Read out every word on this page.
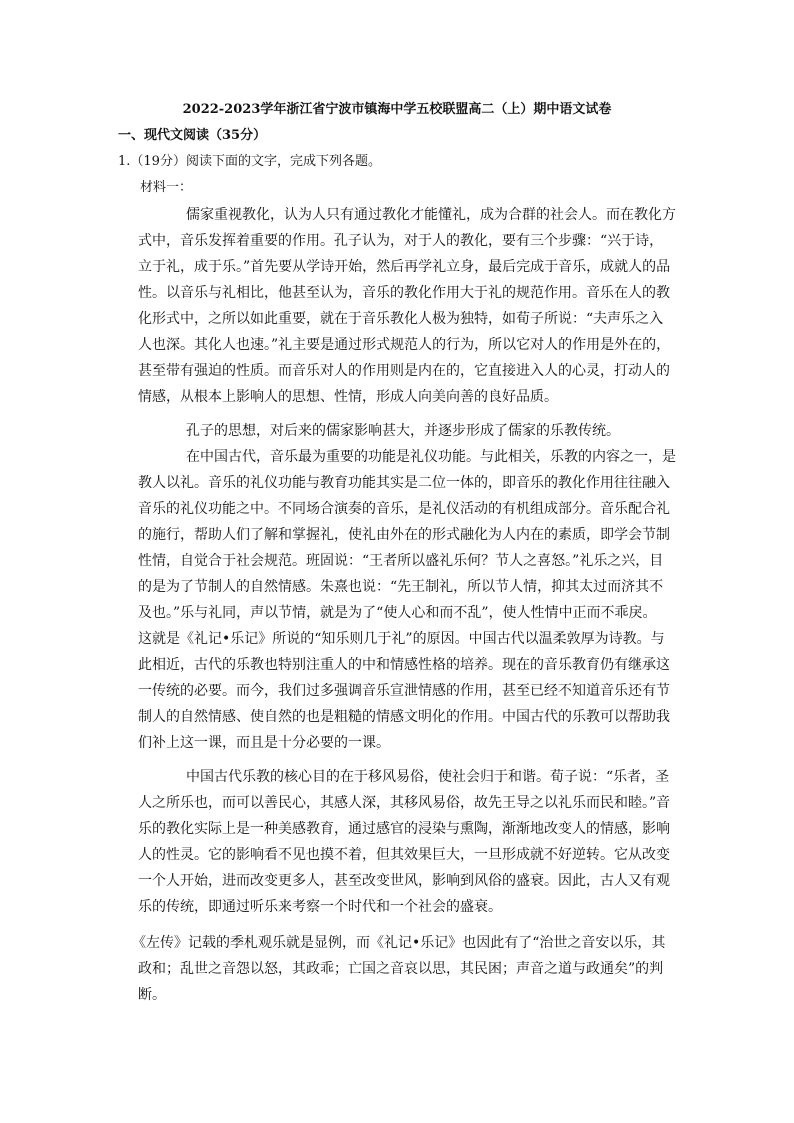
2022-2023学年浙江省宁波市镇海中学五校联盟高二（上）期中语文试卷
一、现代文阅读（35分）
1.（19分）阅读下面的文字，完成下列各题。
材料一：
儒家重视教化，认为人只有通过教化才能懂礼，成为合群的社会人。而在教化方
式中，音乐发挥着重要的作用。孔子认为，对于人的教化，要有三个步骤：“兴于诗，
立于礼，成于乐。”首先要从学诗开始，然后再学礼立身，最后完成于音乐，成就人的品
性。以音乐与礼相比，他甚至认为，音乐的教化作用大于礼的规范作用。音乐在人的教
化形式中，之所以如此重要，就在于音乐教化人极为独特，如荀子所说：“夫声乐之入
人也深。其化人也速。”礼主要是通过形式规范人的行为，所以它对人的作用是外在的，
甚至带有强迫的性质。而音乐对人的作用则是内在的，它直接进入人的心灵，打动人的
情感，从根本上影响人的思想、性情，形成人向美向善的良好品质。
孔子的思想，对后来的儒家影响甚大，并逐步形成了儒家的乐教传统。
在中国古代，音乐最为重要的功能是礼仪功能。与此相关，乐教的内容之一，是
教人以礼。音乐的礼仪功能与教育功能其实是二位一体的，即音乐的教化作用往往融入
音乐的礼仪功能之中。不同场合演奏的音乐，是礼仪活动的有机组成部分。音乐配合礼
的施行，帮助人们了解和掌握礼，使礼由外在的形式融化为人内在的素质，即学会节制
性情，自觉合于社会规范。班固说：“王者所以盛礼乐何？节人之喜怒。”礼乐之兴，目
的是为了节制人的自然情感。朱熹也说：“先王制礼，所以节人情，抑其太过而济其不
及也。”乐与礼同，声以节情，就是为了“使人心和而不乱”，使人性情中正而不乖戾。
这就是《礼记•乐记》所说的“知乐则几于礼”的原因。中国古代以温柔敦厚为诗教。与
此相近，古代的乐教也特别注重人的中和情感性格的培养。现在的音乐教育仍有继承这
一传统的必要。而今，我们过多强调音乐宣泄情感的作用，甚至已经不知道音乐还有节
制人的自然情感、使自然的也是粗糙的情感文明化的作用。中国古代的乐教可以帮助我
们补上这一课，而且是十分必要的一课。
中国古代乐教的核心目的在于移风易俗，使社会归于和谐。荀子说：“乐者，圣
人之所乐也，而可以善民心，其感人深，其移风易俗，故先王导之以礼乐而民和睦。”音
乐的教化实际上是一种美感教育，通过感官的浸染与熏陶，渐渐地改变人的情感，影响
人的性灵。它的影响看不见也摸不着，但其效果巨大，一旦形成就不好逆转。它从改变
一个人开始，进而改变更多人，甚至改变世风，影响到风俗的盛衰。因此，古人又有观
乐的传统，即通过听乐来考察一个时代和一个社会的盛衰。
《左传》记载的季札观乐就是显例，而《礼记•乐记》也因此有了“治世之音安以乐，其
政和；乱世之音怨以怒，其政乖；亡国之音哀以思，其民困；声音之道与政通矣”的判
断。
